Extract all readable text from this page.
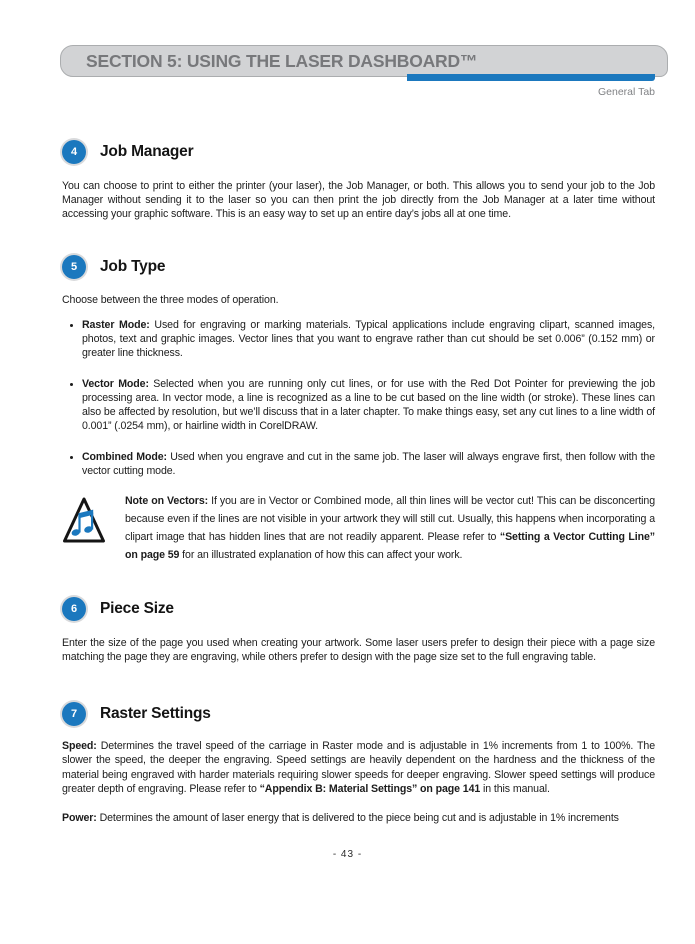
SECTION 5: USING THE LASER DASHBOARD™
General Tab
4	Job Manager

You can choose to print to either the printer (your laser), the Job Manager, or both. This allows you to send your job to the Job Manager without sending it to the laser so you can then print the job directly from the Job Manager at a later time without accessing your graphic software. This is an easy way to set up an entire day’s jobs all at one time.

5	Job Type

Choose between the three modes of operation.

• Raster Mode: Used for engraving or marking materials. Typical applications include engraving clipart, scanned images, photos, text and graphic images. Vector lines that you want to engrave rather than cut should be set 0.006” (0.152 mm) or greater line thickness.
• Vector Mode: Selected when you are running only cut lines, or for use with the Red Dot Pointer for previewing the job processing area. In vector mode, a line is recognized as a line to be cut based on the line width (or stroke). These lines can also be affected by resolution, but we’ll discuss that in a later chapter. To make things easy, set any cut lines to a line width of 0.001” (.0254 mm), or hairline width in CorelDRAW.
• Combined Mode: Used when you engrave and cut in the same job. The laser will always engrave first, then follow with the vector cutting mode.

Note on Vectors: If you are in Vector or Combined mode, all thin lines will be vector cut! This can be disconcerting because even if the lines are not visible in your artwork they will still cut. Usually, this happens when incorporating a clipart image that has hidden lines that are not readily apparent. Please refer to “Setting a Vector Cutting Line” on page 59 for an illustrated explanation of how this can affect your work.

6	Piece Size

Enter the size of the page you used when creating your artwork. Some laser users prefer to design their piece with a page size matching the page they are engraving, while others prefer to design with the page size set to the full engraving table.

7	Raster Settings

Speed: Determines the travel speed of the carriage in Raster mode and is adjustable in 1% increments from 1 to 100%. The slower the speed, the deeper the engraving. Speed settings are heavily dependent on the hardness and the thickness of the material being engraved with harder materials requiring slower speeds for deeper engraving. Slower speed settings will produce greater depth of engraving. Please refer to “Appendix B: Material Settings” on page 141 in this manual.

Power: Determines the amount of laser energy that is delivered to the piece being cut and is adjustable in 1% increments

- 43 -
